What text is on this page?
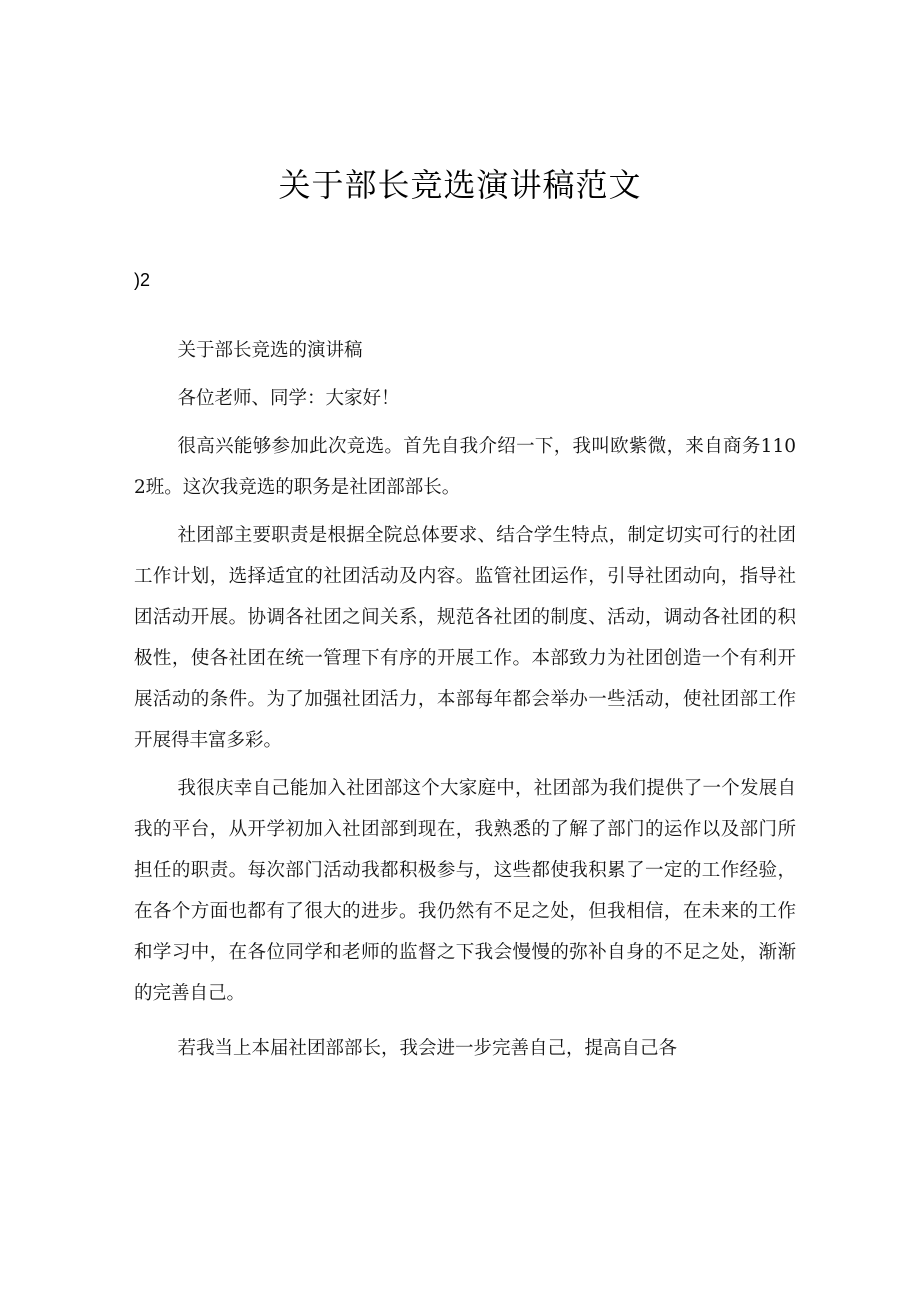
关于部长竞选演讲稿范文
)2

关于部长竞选的演讲稿

各位老师、同学：大家好！

很高兴能够参加此次竞选。首先自我介绍一下，我叫欧紫微，来自商务1102班。这次我竞选的职务是社团部部长。

社团部主要职责是根据全院总体要求、结合学生特点，制定切实可行的社团工作计划，选择适宜的社团活动及内容。监管社团运作，引导社团动向，指导社团活动开展。协调各社团之间关系，规范各社团的制度、活动，调动各社团的积极性，使各社团在统一管理下有序的开展工作。本部致力为社团创造一个有利开展活动的条件。为了加强社团活力，本部每年都会举办一些活动，使社团部工作开展得丰富多彩。

我很庆幸自己能加入社团部这个大家庭中，社团部为我们提供了一个发展自我的平台，从开学初加入社团部到现在，我熟悉的了解了部门的运作以及部门所担任的职责。每次部门活动我都积极参与，这些都使我积累了一定的工作经验，在各个方面也都有了很大的进步。我仍然有不足之处，但我相信，在未来的工作和学习中，在各位同学和老师的监督之下我会慢慢的弥补自身的不足之处，渐渐的完善自己。

若我当上本届社团部部长，我会进一步完善自己，提高自己各
